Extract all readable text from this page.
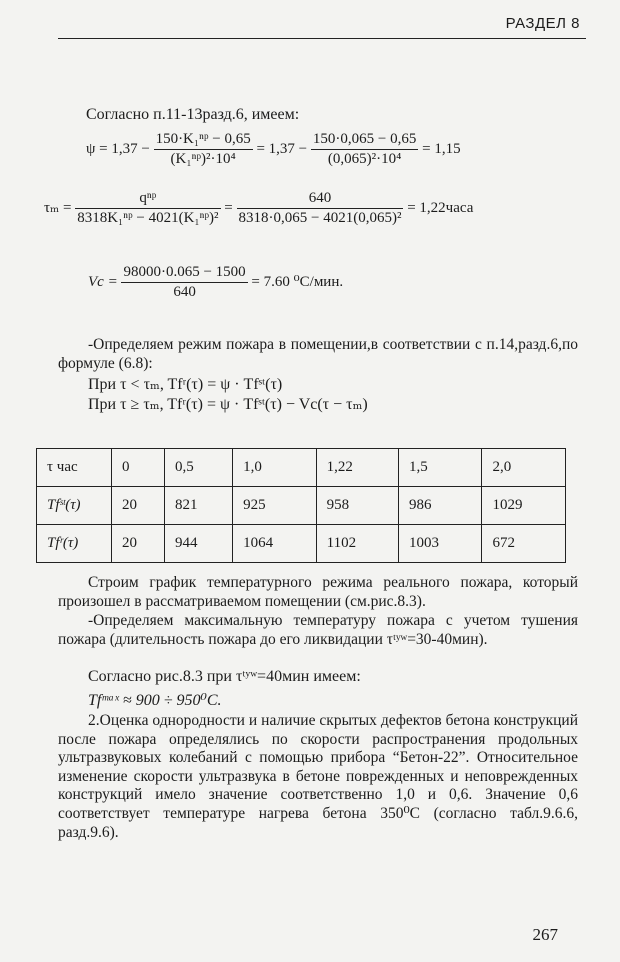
РАЗДЕЛ 8
Согласно п.11-13разд.6, имеем:
$\psi = 1,37 - \frac{\text{150·K₁ⁿᵖ − 0,65}}{\text{(K₁ⁿᵖ)²·10⁴}} = 1,37 - \frac{150\cdot 0,065 - 0,65}{\text{(0,065)²·10⁴}} = 1,15$
$\tau_m = \frac{\text{qⁿᵖ}}{\text{8318K₁ⁿᵖ − 4021(K₁ⁿᵖ)²}} = \frac{640}{\text{8318·0,065 − 4021(0,065)²}}$ = 1,22часа
$Vc = \frac{98000\cdot 0.065 - 1500}{640} = 7.60$ ⁰С/мин.
-Определяем режим пожара в помещении,в соответствии с п.14,разд.6,по формуле (6.8):
При τ < τₘ, Tfʳ(τ) = ψ · Tfˢᵗ(τ)
При τ ≥ τₘ, Tfʳ(τ) = ψ · Tfˢᵗ(τ) − Vc(τ − τₘ)
τ час	0	0,5	1,0	1,22	1,5	2,0
Tfˢᵗ(τ)	20	821	925	958	986	1029
Tfʳ(τ)	20	944	1064	1102	1003	672
Строим график температурного режима реального пожара, который произошел в рассматриваемом помещении (см.рис.8.3).
-Определяем максимальную температуру пожара с учетом тушения пожара (длительность пожара до его ликвидации τᵗʸʷ=30-40мин).
Согласно рис.8.3 при τᵗʸʷ=40мин имеем:
Tfᵐᵃˣ ≈ 900 ÷ 950⁰C.
2.Оценка однородности и наличие скрытых дефектов бетона конструкций после пожара определялись по скорости распространения продольных ультразвуковых колебаний с помощью прибора “Бетон-22”. Относительное изменение скорости ультразвука в бетоне поврежденных и неповрежденных конструкций имело значение соответственно 1,0 и 0,6. Значение 0,6 соответствует температуре нагрева бетона 350⁰С (согласно табл.9.6.6, разд.9.6).
267
